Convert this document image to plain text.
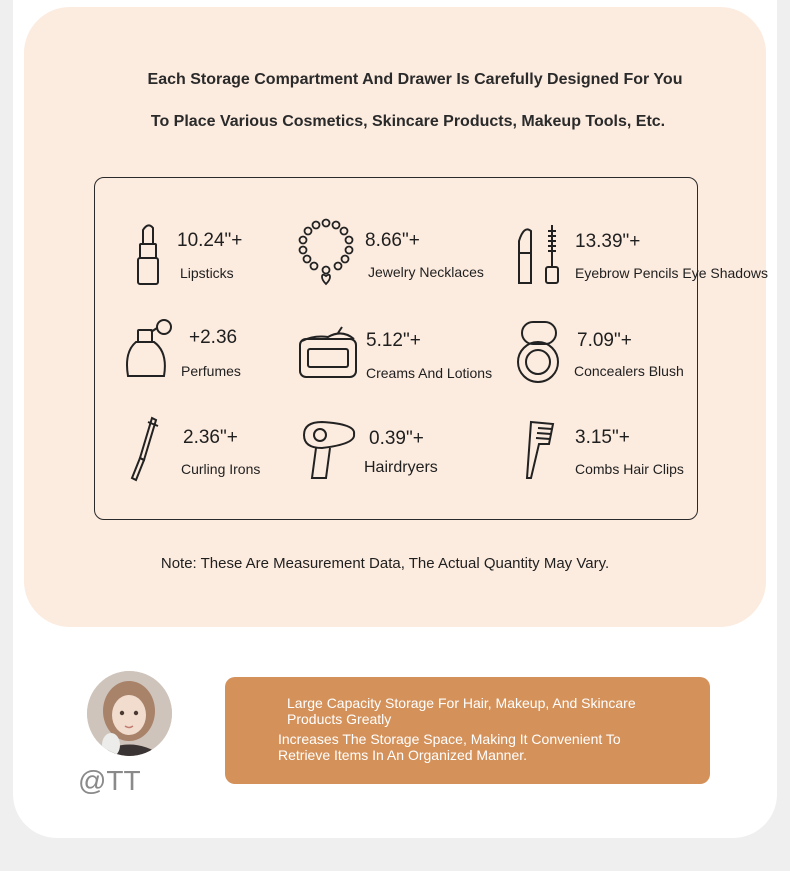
Each Storage Compartment And Drawer Is Carefully Designed For You
To Place Various Cosmetics, Skincare Products, Makeup Tools, Etc.
10.24"+
Lipsticks
8.66"+
Jewelry Necklaces
13.39"+
Eyebrow Pencils Eye Shadows
+2.36
Perfumes
5.12"+
Creams And Lotions
7.09"+
Concealers Blush
2.36"+
Curling Irons
0.39"+
Hairdryers
3.15"+
Combs Hair Clips
Note: These Are Measurement Data, The Actual Quantity May Vary.
@TT
Large Capacity Storage For Hair, Makeup, And Skincare Products Greatly
Increases The Storage Space, Making It Convenient To Retrieve Items In An Organized Manner.
